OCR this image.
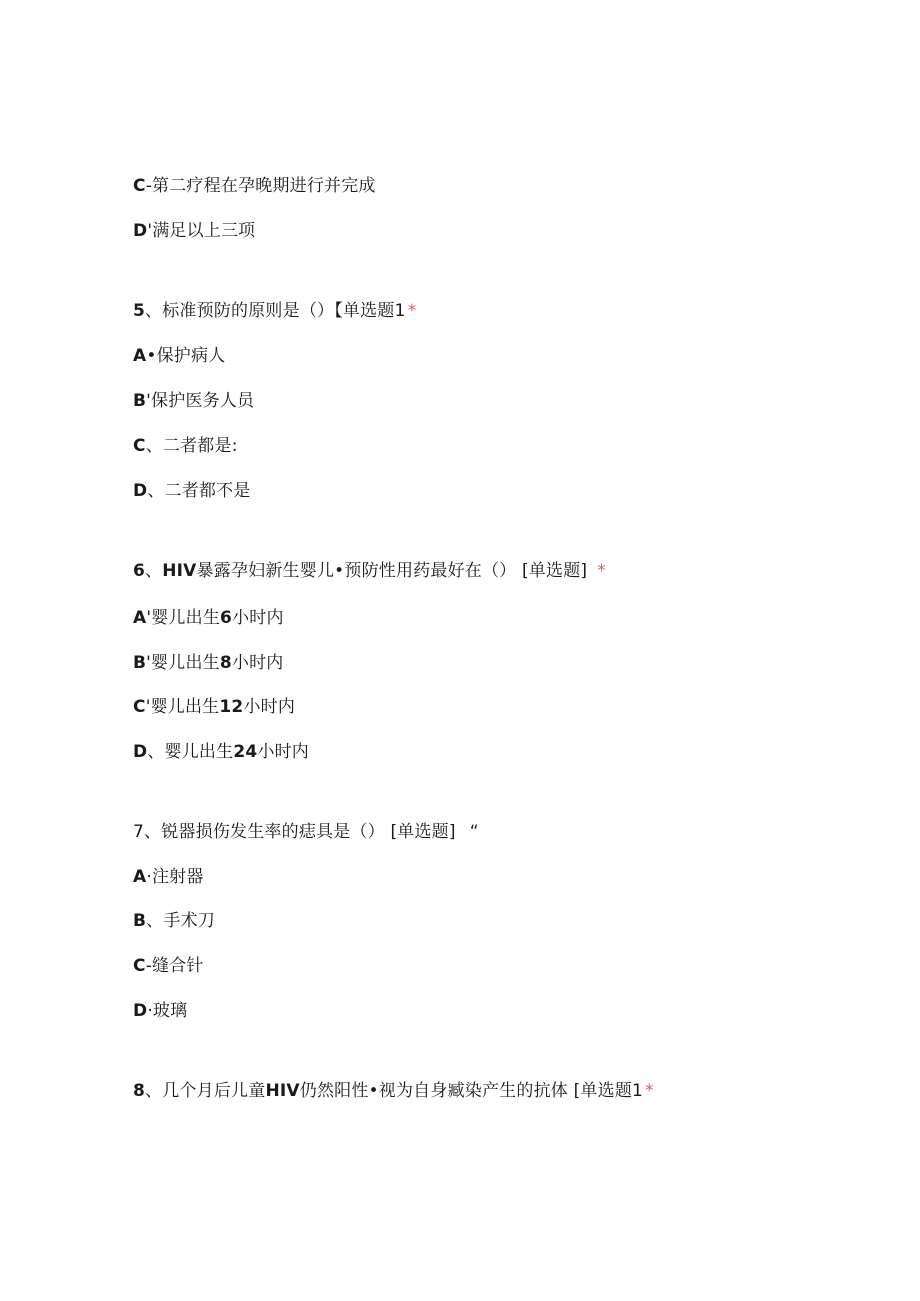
C-第二疗程在孕晚期进行并完成
D'满足以上三项
5、标准预防的原则是（）【单选题1 *
A•保护病人
B'保护医务人员
C、二者都是:
D、二者都不是
6、HIV暴露孕妇新生婴儿•预防性用药最好在（） [单选题] *
A'婴儿出生6小时内
B'婴儿出生8小时内
C'婴儿出生12小时内
D、婴儿出生24小时内
7、锐器损伤发生率的痣具是（） [单选题] “
A·注射器
B、手术刀
C-缝合针
D·玻璃
8、几个月后儿童HIV仍然阳性•视为自身臧染产生的抗体 [单选题1 *
